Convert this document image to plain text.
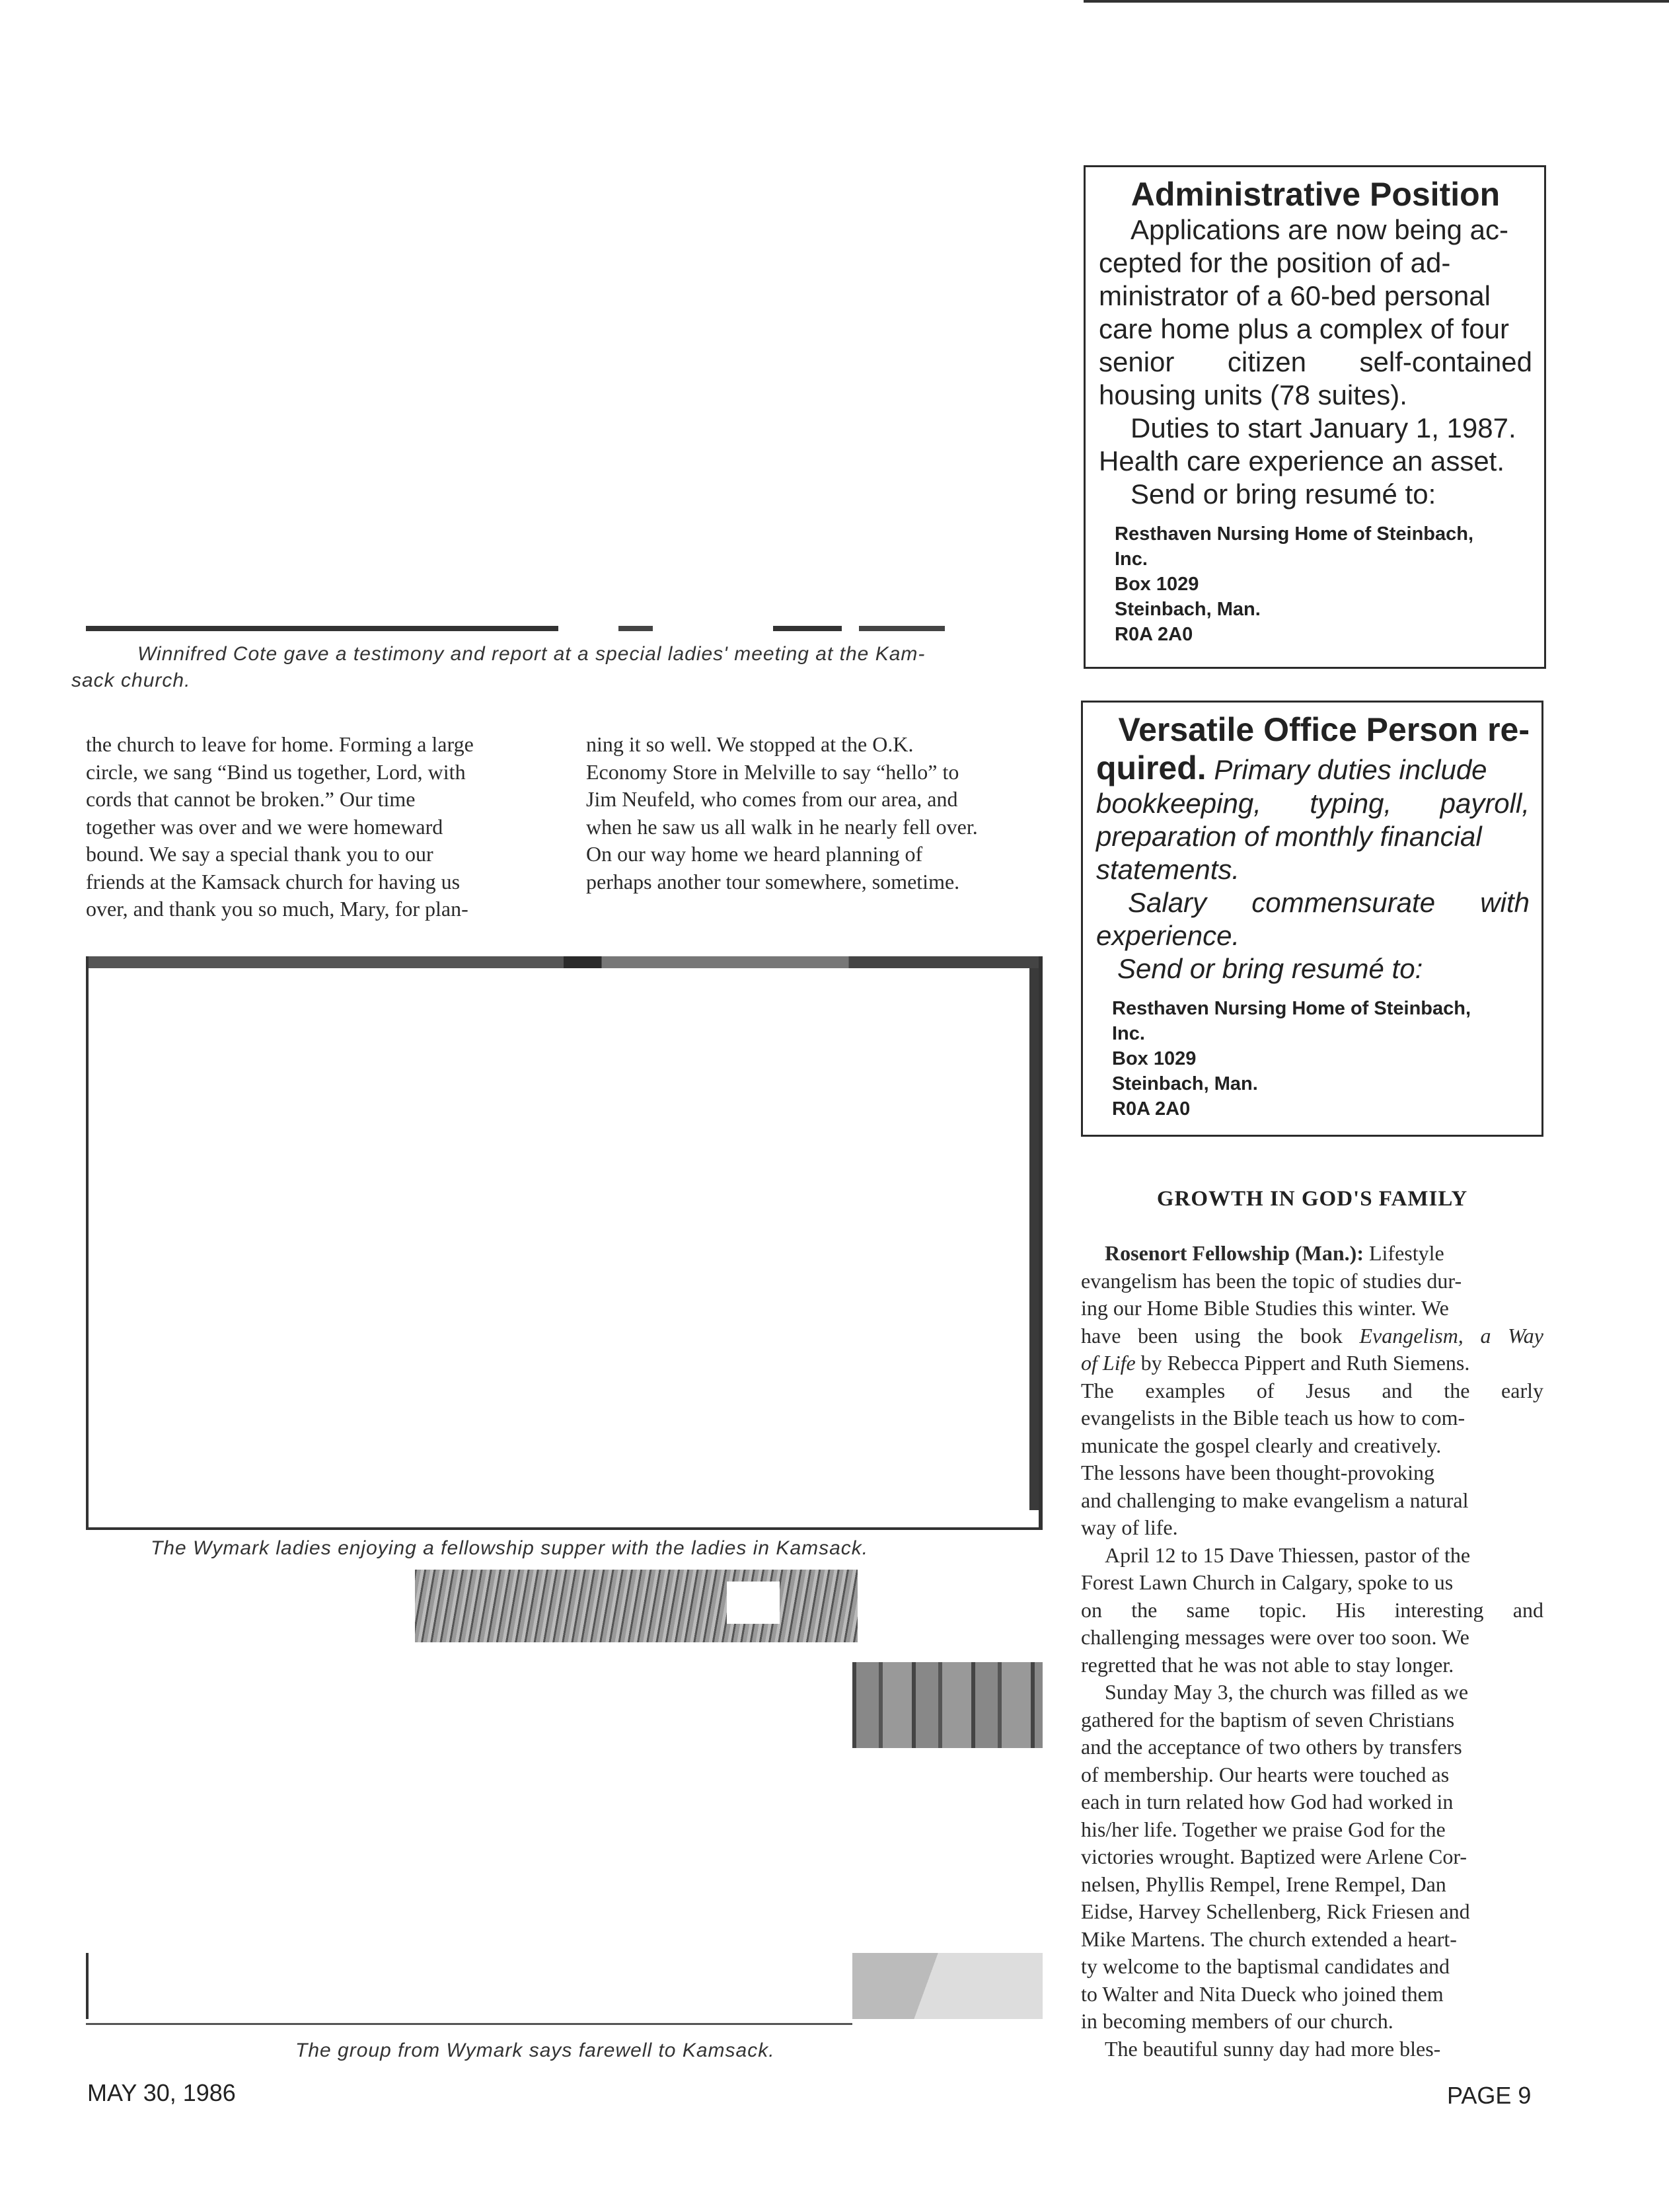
Winnifred Cote gave a testimony and report at a special ladies' meeting at the Kam-
sack church.
the church to leave for home. Forming a large
circle, we sang “Bind us together, Lord, with
cords that cannot be broken.” Our time
together was over and we were homeward
bound. We say a special thank you to our
friends at the Kamsack church for having us
over, and thank you so much, Mary, for plan-
ning it so well. We stopped at the O.K.
Economy Store in Melville to say “hello” to
Jim Neufeld, who comes from our area, and
when he saw us all walk in he nearly fell over.
On our way home we heard planning of
perhaps another tour somewhere, sometime.
The Wymark ladies enjoying a fellowship supper with the ladies in Kamsack.
The group from Wymark says farewell to Kamsack.
Administrative Position
Applications are now being ac-
cepted for the position of ad-
ministrator of a 60-bed personal
care home plus a complex of four
senior citizen self-contained
housing units (78 suites).
Duties to start January 1, 1987.
Health care experience an asset.
Send or bring resumé to:
Resthaven Nursing Home of Steinbach,
Inc.
Box 1029
Steinbach, Man.
R0A 2A0
Versatile Office Person re-
quired. Primary duties include
bookkeeping, typing, payroll,
preparation of monthly financial
statements.
Salary commensurate with
experience.
Send or bring resumé to:
Resthaven Nursing Home of Steinbach,
Inc.
Box 1029
Steinbach, Man.
R0A 2A0
GROWTH IN GOD'S FAMILY
Rosenort Fellowship (Man.): Lifestyle
evangelism has been the topic of studies dur-
ing our Home Bible Studies this winter. We
have been using the book Evangelism, a Way
of Life by Rebecca Pippert and Ruth Siemens.
The examples of Jesus and the early
evangelists in the Bible teach us how to com-
municate the gospel clearly and creatively.
The lessons have been thought-provoking
and challenging to make evangelism a natural
way of life.
April 12 to 15 Dave Thiessen, pastor of the
Forest Lawn Church in Calgary, spoke to us
on the same topic. His interesting and
challenging messages were over too soon. We
regretted that he was not able to stay longer.
Sunday May 3, the church was filled as we
gathered for the baptism of seven Christians
and the acceptance of two others by transfers
of membership. Our hearts were touched as
each in turn related how God had worked in
his/her life. Together we praise God for the
victories wrought. Baptized were Arlene Cor-
nelsen, Phyllis Rempel, Irene Rempel, Dan
Eidse, Harvey Schellenberg, Rick Friesen and
Mike Martens. The church extended a heart-
ty welcome to the baptismal candidates and
to Walter and Nita Dueck who joined them
in becoming members of our church.
The beautiful sunny day had more bles-
MAY 30, 1986	PAGE 9
